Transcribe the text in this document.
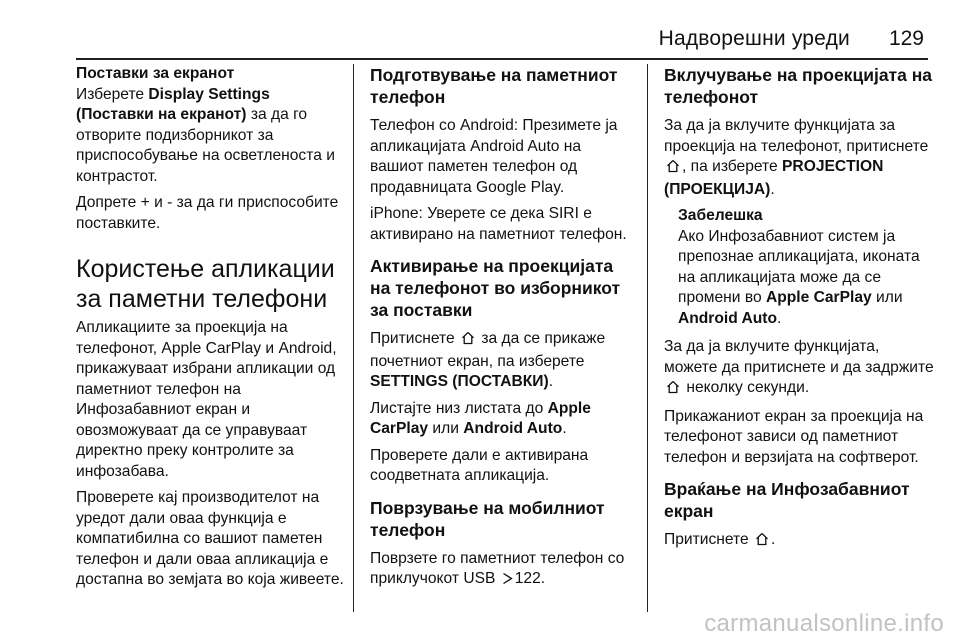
Надворешни уреди 129
Поставки за екранот

Изберете Display Settings (Поставки на екранот) за да го отворите подизборникот за приспособување на осветленоста и контрастот.

Допрете + и - за да ги приспособите поставките.

Користење апликации за паметни телефони

Апликациите за проекција на телефонот, Apple CarPlay и Android, прикажуваат избрани апликации од паметниот телефон на Инфозабавниот екран и овозможуваат да се управуваат директно преку контролите за инфозабава.

Проверете кај производителот на уредот дали оваа функција е компатибилна со вашиот паметен телефон и дали оваа апликација е достапна во земјата во која живеете.

Подготвување на паметниот телефон

Телефон со Android: Презимете ја апликацијата Android Auto на вашиот паметен телефон од продавницата Google Play.

iPhone: Уверете се дека SIRI е активирано на паметниот телефон.

Активирање на проекцијата на телефонот во изборникот за поставки

Притиснете  за да се прикаже почетниот екран, па изберете SETTINGS (ПОСТАВКИ).

Листајте низ листата до Apple CarPlay или Android Auto.

Проверете дали е активирана соодветната апликација.

Поврзување на мобилниот телефон

Поврзете го паметниот телефон со приклучокот USB 122.

Вклучување на проекцијата на телефонот

За да ја вклучите функцијата за проекција на телефонот, притиснете , па изберете PROJECTION (ПРОЕКЦИЈА).

Забелешка
Ако Инфозабавниот систем ја препознае апликацијата, иконата на апликацијата може да се промени во Apple CarPlay или Android Auto.

За да ја вклучите функцијата, можете да притиснете и да задржите  неколку секунди.

Прикажаниот екран за проекција на телефонот зависи од паметниот телефон и верзијата на софтверот.

Враќање на Инфозабавниот екран

Притиснете .

carmanualsonline.info
